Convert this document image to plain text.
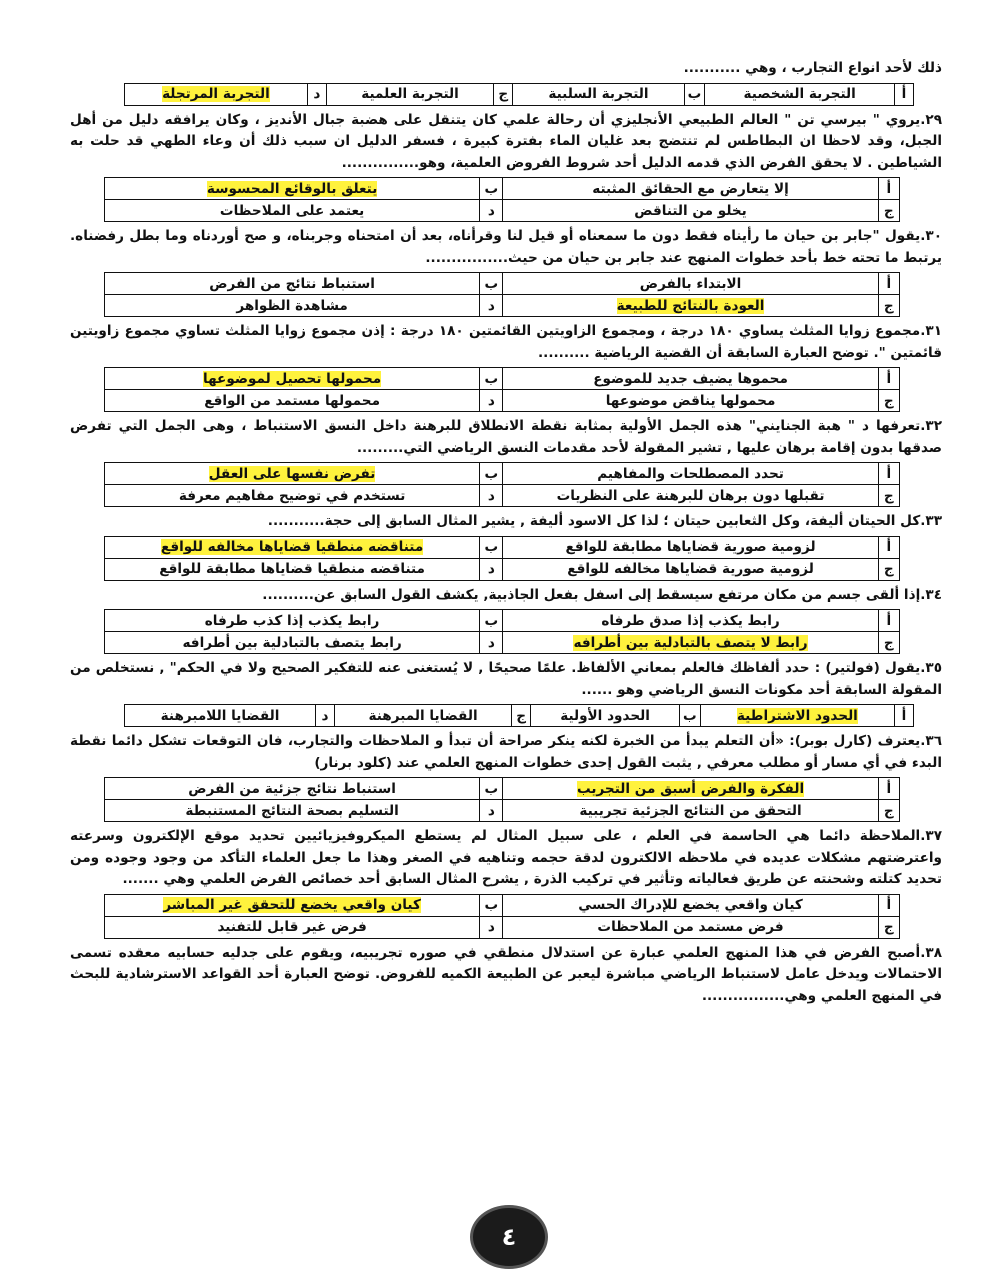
ذلك لأحد انواع التجارب ، وهي ...........

أ	التجربة الشخصية	ب	التجربة السلبية	ج	التجربة العلمية	د	التجربة المرتجلة

٢٩.يروي " بيرسي تن " العالم الطبيعي الأنجليزي أن رحالة علمي كان يتنقل على هضبة جبال الأنديز ، وكان يرافقه دليل من أهل الجبل، وقد لاحظا ان البطاطس لم تنتضج بعد غليان الماء بفترة كبيرة ، فسفر الدليل ان سبب ذلك أن وعاء الطهي قد حلت به الشياطين . لا يحقق الفرض الذي قدمه الدليل أحد شروط الفروض العلمية، وهو...............

أ	إلا يتعارض مع الحقائق المثبته	ب	يتعلق بالوقائع المحسوسة
ج	يخلو من التناقض	د	يعتمد على الملاحظات

٣٠.يقول "جابر بن حيان ما رأيناه فقط دون ما سمعناه أو قيل لنا وقرأناه، بعد أن امتحناه وجربناه، و صح أوردناه وما بطل رفضناه. يرتبط ما تحته خط بأحد خطوات المنهج عند جابر بن حيان من حيث................

أ	الابتداء بالفرض	ب	استنباط نتائج من الفرض
ج	العودة بالنتائج للطبيعة	د	مشاهدة الظواهر

٣١.مجموع زوايا المثلث يساوي ١٨٠ درجة ، ومجموع الزاويتين القائمتين ١٨٠ درجة : إذن مجموع زوايا المثلث تساوي مجموع زاويتين قائمتين ". توضح العبارة السابقة أن القضية الرياضية ..........

أ	محموها يضيف جديد للموضوع	ب	محمولها تحصيل لموضوعها
ج	محمولها يناقض موضوعها	د	محمولها مستمد من الواقع

٣٢.تعرفها د " هبة الجنايني" هذه الجمل الأولية بمثابة نقطة الانطلاق للبرهنة داخل النسق الاستنباط ، وهى الجمل التي تفرض صدقها بدون إقامة برهان عليها , تشير المقولة لأحد مقدمات النسق الرياضي التي.........

أ	تحدد المصطلحات والمفاهيم	ب	تفرض نفسها على العقل
ج	تقبلها دون برهان للبرهنة على النظريات	د	تستخدم في توضيح مفاهيم معرفة

٣٣.كل الحيتان أليفة، وكل الثعابين حيتان ؛ لذا كل الاسود أليفة , يشير المثال السابق إلى حجة...........

أ	لزومية صورية قضاياها مطابقة للواقع	ب	متناقضه منطقيا قضاياها مخالفه للواقع
ج	لزومية صورية قضاياها مخالفه للواقع	د	متناقضه منطقيا قضاياها مطابقة للواقع

٣٤.إذا ألقى جسم من مكان مرتفع سيسقط إلى اسفل بفعل الجاذبية, يكشف القول السابق عن..........

أ	رابط يكذب إذا صدق طرفاه	ب	رابط يكذب إذا كذب طرفاه
ج	رابط لا يتصف بالتبادلية بين أطرافه	د	رابط يتصف بالتبادلية بين أطرافه

٣٥.يقول (فولتير) : حدد ألفاظك فالعلم بمعاني الألفاظ. علمًا صحيحًا , لا يُستغنى عنه للتفكير الصحيح ولا في الحكم" , نستخلص من المقولة السابقة أحد مكونات النسق الرياضي وهو ......

أ	الحدود الاشتراطية	ب	الحدود الأولية	ج	القضايا المبرهنة	د	القضايا اللامبرهنة

٣٦.يعترف (كارل بوبر): «أن التعلم يبدأ من الخبرة لكنه ينكر صراحة أن تبدأ و الملاحظات والتجارب، فان التوقعات تشكل دائما نقطة البدء في أي مسار أو مطلب معرفي , يثبت القول إحدى خطوات المنهج العلمي عند (كلود برنار)

أ	الفكرة والفرض أسبق من التجريب	ب	استنباط نتائج جزئية من الفرض
ج	التحقق من النتائج الجزئية تجريبية	د	التسليم بصحة النتائج المستنبطة

٣٧.الملاحظة دائما هي الحاسمة في العلم ، على سبيل المثال لم يستطع الميكروفيزيائيين تحديد موقع الإلكترون وسرعته واعترضتهم مشكلات عديده في ملاحظه الالكترون لدقة حجمه وتناهيه في الصغر وهذا ما جعل العلماء التأكد من وجود وجوده ومن تحديد كتلته وشحنته عن طريق فعالياته وتأثير في تركيب الذرة , يشرح المثال السابق أحد خصائص الفرض العلمي وهي .......

أ	كيان واقعي يخضع للإدراك الحسي	ب	كيان واقعي يخضع للتحقق غير المباشر
ج	فرض مستمد من الملاحظات	د	فرض غير قابل للتفنيد

٣٨.أصبح الفرض في هذا المنهج العلمي عبارة عن استدلال منطقي في صوره تجريبيه، ويقوم على جدليه حسابيه معقده تسمى الاحتمالات ويدخل عامل لاستنباط الرياضي مباشرة ليعبر عن الطبيعة الكميه للفروض. توضح العبارة أحد القواعد الاسترشادية للبحث في المنهج العلمي وهي................

٤
